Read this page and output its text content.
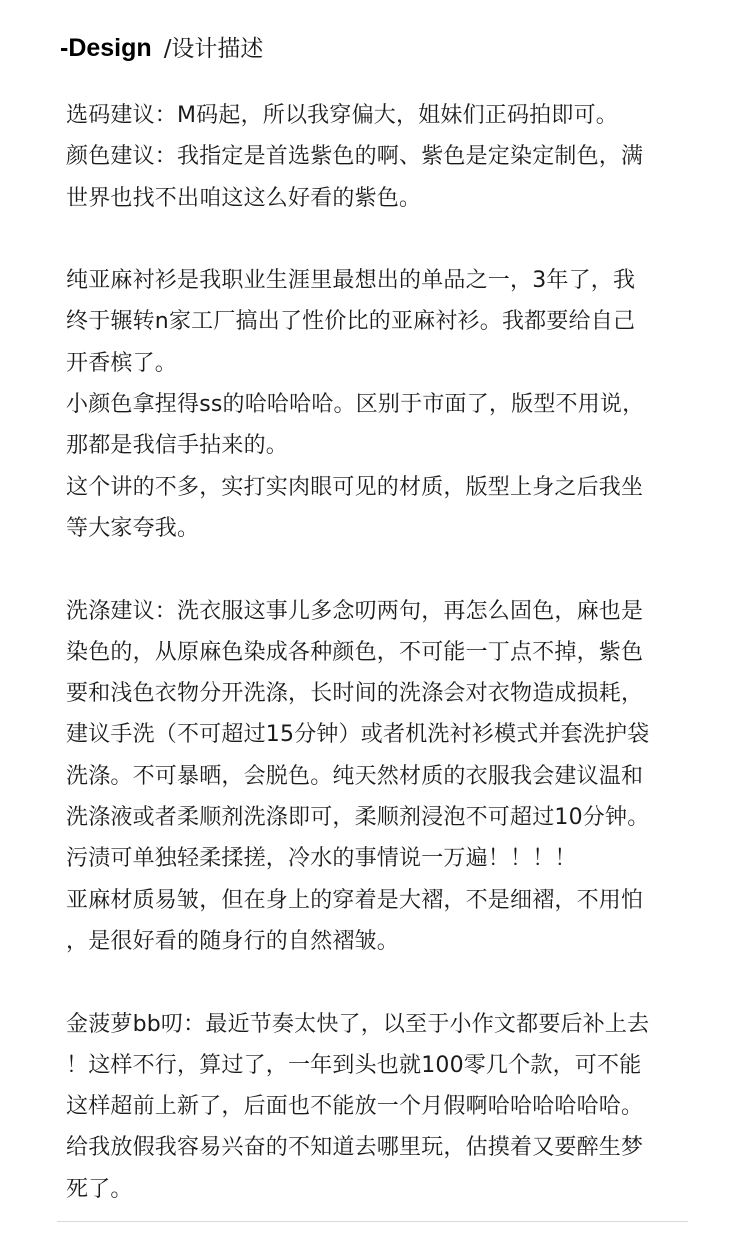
-Design /设计描述
选码建议：M码起，所以我穿偏大，姐妹们正码拍即可。
颜色建议：我指定是首选紫色的啊、紫色是定染定制色，满
世界也找不出咱这这么好看的紫色。
纯亚麻衬衫是我职业生涯里最想出的单品之一，3年了，我
终于辗转n家工厂搞出了性价比的亚麻衬衫。我都要给自己
开香槟了。
小颜色拿捏得ss的哈哈哈哈。区别于市面了，版型不用说，
那都是我信手拈来的。
这个讲的不多，实打实肉眼可见的材质，版型上身之后我坐
等大家夸我。
洗涤建议：洗衣服这事儿多念叨两句，再怎么固色，麻也是
染色的，从原麻色染成各种颜色，不可能一丁点不掉，紫色
要和浅色衣物分开洗涤，长时间的洗涤会对衣物造成损耗，
建议手洗（不可超过15分钟）或者机洗衬衫模式并套洗护袋
洗涤。不可暴晒，会脱色。纯天然材质的衣服我会建议温和
洗涤液或者柔顺剂洗涤即可，柔顺剂浸泡不可超过10分钟。
污渍可单独轻柔揉搓，冷水的事情说一万遍！！！！
亚麻材质易皱，但在身上的穿着是大褶，不是细褶，不用怕
，是很好看的随身行的自然褶皱。
金菠萝bb叨：最近节奏太快了，以至于小作文都要后补上去
！这样不行，算过了，一年到头也就100零几个款，可不能
这样超前上新了，后面也不能放一个月假啊哈哈哈哈哈哈。
给我放假我容易兴奋的不知道去哪里玩，估摸着又要醉生梦
死了。
